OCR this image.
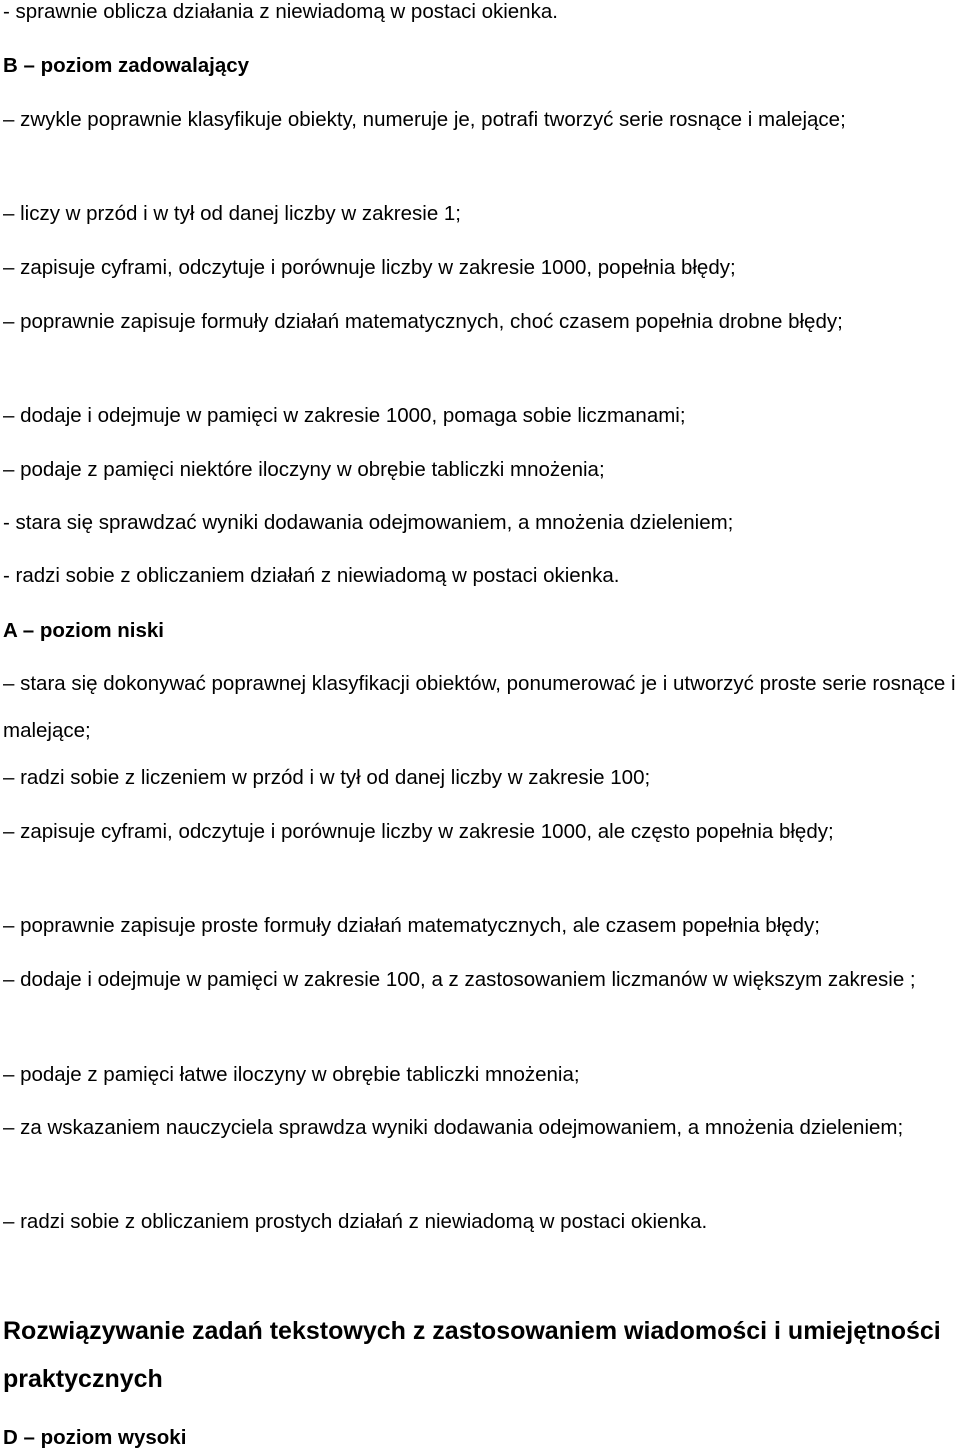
- sprawnie oblicza działania z niewiadomą w postaci okienka.

B – poziom zadowalający

– zwykle poprawnie klasyfikuje obiekty, numeruje je, potrafi tworzyć serie rosnące i malejące;

– liczy w przód i w tył od danej liczby w zakresie 1;

– zapisuje cyframi, odczytuje i porównuje liczby w zakresie 1000, popełnia błędy;

– poprawnie zapisuje formuły działań matematycznych, choć czasem popełnia drobne błędy;

– dodaje i odejmuje w pamięci w zakresie 1000, pomaga sobie liczmanami;

– podaje z pamięci niektóre iloczyny w obrębie tabliczki mnożenia;

- stara się sprawdzać wyniki dodawania odejmowaniem, a mnożenia dzieleniem;

- radzi sobie z obliczaniem działań z niewiadomą w postaci okienka.

A – poziom niski

– stara się dokonywać poprawnej klasyfikacji obiektów, ponumerować je i utworzyć proste serie rosnące i malejące;

– radzi sobie z liczeniem w przód i w tył od danej liczby w zakresie 100;

– zapisuje cyframi, odczytuje i porównuje liczby w zakresie 1000, ale często popełnia błędy;

– poprawnie zapisuje proste formuły działań matematycznych, ale czasem popełnia błędy;

– dodaje i odejmuje w pamięci w zakresie 100, a z zastosowaniem liczmanów w większym zakresie ;

– podaje z pamięci łatwe iloczyny w obrębie tabliczki mnożenia;

– za wskazaniem nauczyciela sprawdza wyniki dodawania odejmowaniem, a mnożenia dzieleniem;

– radzi sobie z obliczaniem prostych działań z niewiadomą w postaci okienka.

Rozwiązywanie zadań tekstowych z zastosowaniem wiadomości i umiejętności praktycznych

D – poziom wysoki
